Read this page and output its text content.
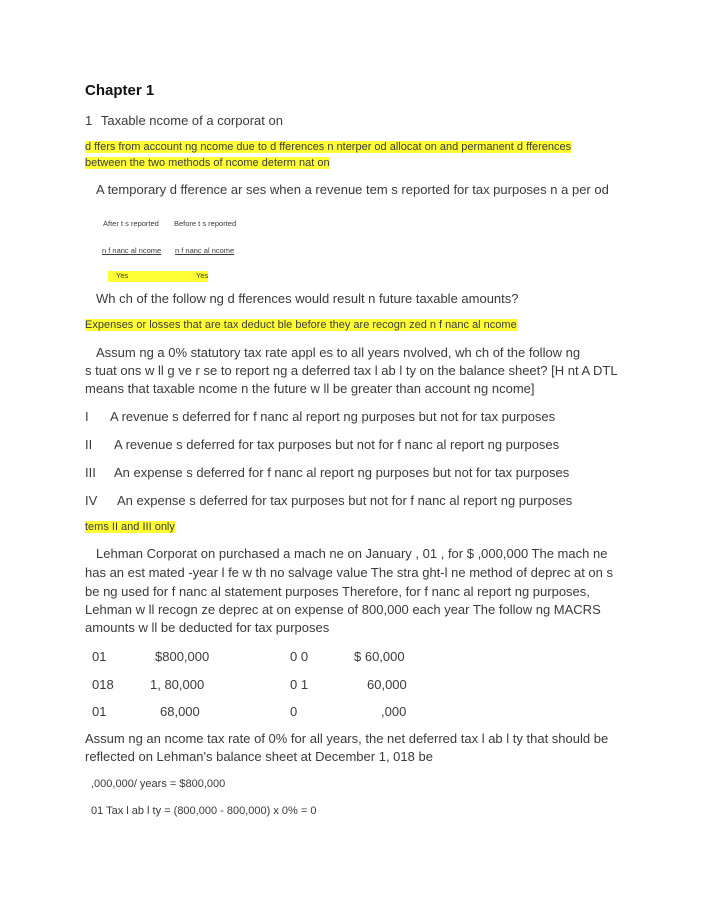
Chapter 1
1 Taxable ncome of a corporat on
d ffers from account ng ncome due to d fferences n nterper od allocat on and permanent d fferences
between the two methods of ncome determ nat on
A temporary d fference ar ses when a revenue tem s reported for tax purposes n a per od
After t s reported Before t s reported
n f nanc al ncome n f nanc al ncome
Yes	Yes
Wh ch of the follow ng d fferences would result n future taxable amounts?
Expenses or losses that are tax deduct ble before they are recogn zed n f nanc al ncome
Assum ng a 0% statutory tax rate appl es to all years nvolved, wh ch of the follow ng
s tuat ons w ll g ve r se to report ng a deferred tax l ab l ty on the balance sheet? [H nt A DTL
means that taxable ncome n the future w ll be greater than account ng ncome]
I A revenue s deferred for f nanc al report ng purposes but not for tax purposes
II A revenue s deferred for tax purposes but not for f nanc al report ng purposes
III An expense s deferred for f nanc al report ng purposes but not for tax purposes
IV An expense s deferred for tax purposes but not for f nanc al report ng purposes
tems II and III only
Lehman Corporat on purchased a mach ne on January , 01 , for $ ,000,000 The mach ne
has an est mated -year l fe w th no salvage value The stra ght-l ne method of deprec at on s
be ng used for f nanc al statement purposes Therefore, for f nanc al report ng purposes,
Lehman w ll recogn ze deprec at on expense of 800,000 each year The follow ng MACRS
amounts w ll be deducted for tax purposes
01	$800,000	0 0	$ 60,000
018	1, 80,000	0 1	60,000
01	68,000	0	,000
Assum ng an ncome tax rate of 0% for all years, the net deferred tax l ab l ty that should be
reflected on Lehman's balance sheet at December 1, 018 be
,000,000/ years = $800,000
01 Tax l ab l ty = (800,000 - 800,000) x 0% = 0
